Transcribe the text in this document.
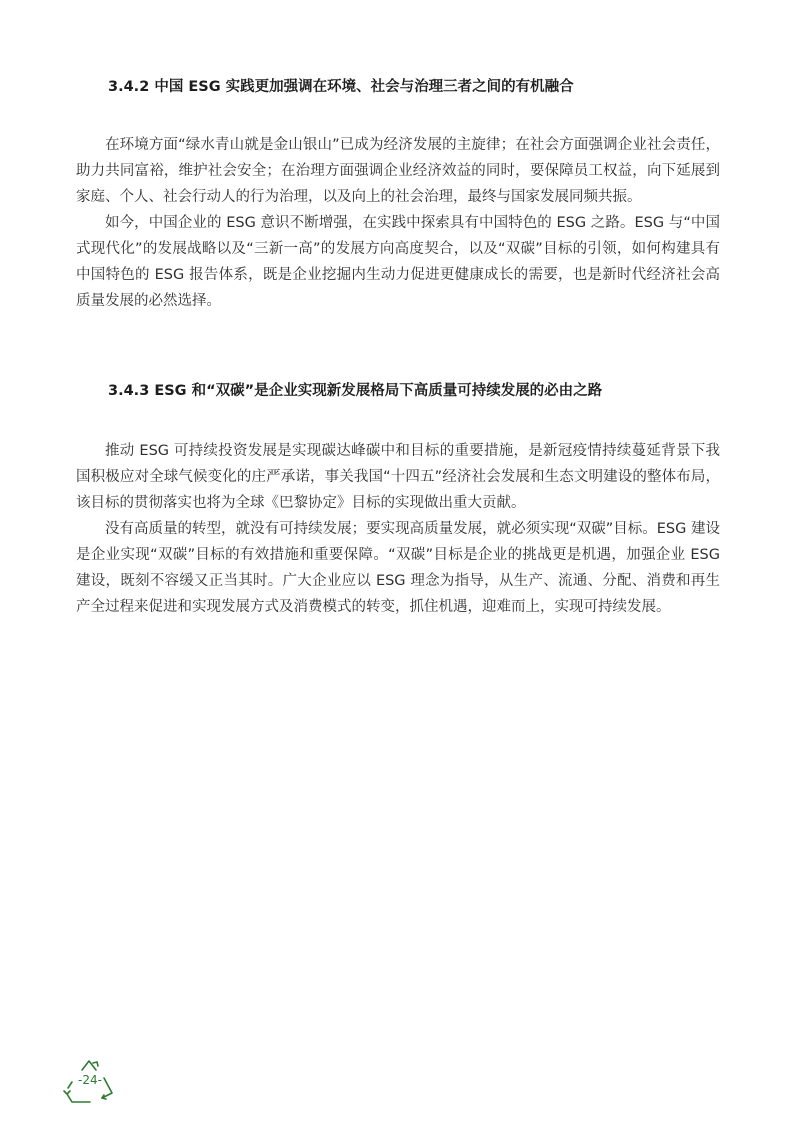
3.4.2 中国 ESG 实践更加强调在环境、社会与治理三者之间的有机融合

在环境方面“绿水青山就是金山银山”已成为经济发展的主旋律；在社会方面强调企业社会责任，助力共同富裕，维护社会安全；在治理方面强调企业经济效益的同时，要保障员工权益，向下延展到家庭、个人、社会行动人的行为治理，以及向上的社会治理，最终与国家发展同频共振。

如今，中国企业的 ESG 意识不断增强，在实践中探索具有中国特色的 ESG 之路。ESG 与“中国式现代化”的发展战略以及“三新一高”的发展方向高度契合，以及“双碳”目标的引领，如何构建具有中国特色的 ESG 报告体系，既是企业挖掘内生动力促进更健康成长的需要，也是新时代经济社会高质量发展的必然选择。

3.4.3 ESG 和“双碳”是企业实现新发展格局下高质量可持续发展的必由之路

推动 ESG 可持续投资发展是实现碳达峰碳中和目标的重要措施，是新冠疫情持续蔓延背景下我国积极应对全球气候变化的庄严承诺，事关我国“十四五”经济社会发展和生态文明建设的整体布局，该目标的贯彻落实也将为全球《巴黎协定》目标的实现做出重大贡献。

没有高质量的转型，就没有可持续发展；要实现高质量发展，就必须实现“双碳”目标。ESG 建设是企业实现“双碳”目标的有效措施和重要保障。“双碳”目标是企业的挑战更是机遇，加强企业 ESG 建设，既刻不容缓又正当其时。广大企业应以 ESG 理念为指导，从生产、流通、分配、消费和再生产全过程来促进和实现发展方式及消费模式的转变，抓住机遇，迎难而上，实现可持续发展。

-24-
